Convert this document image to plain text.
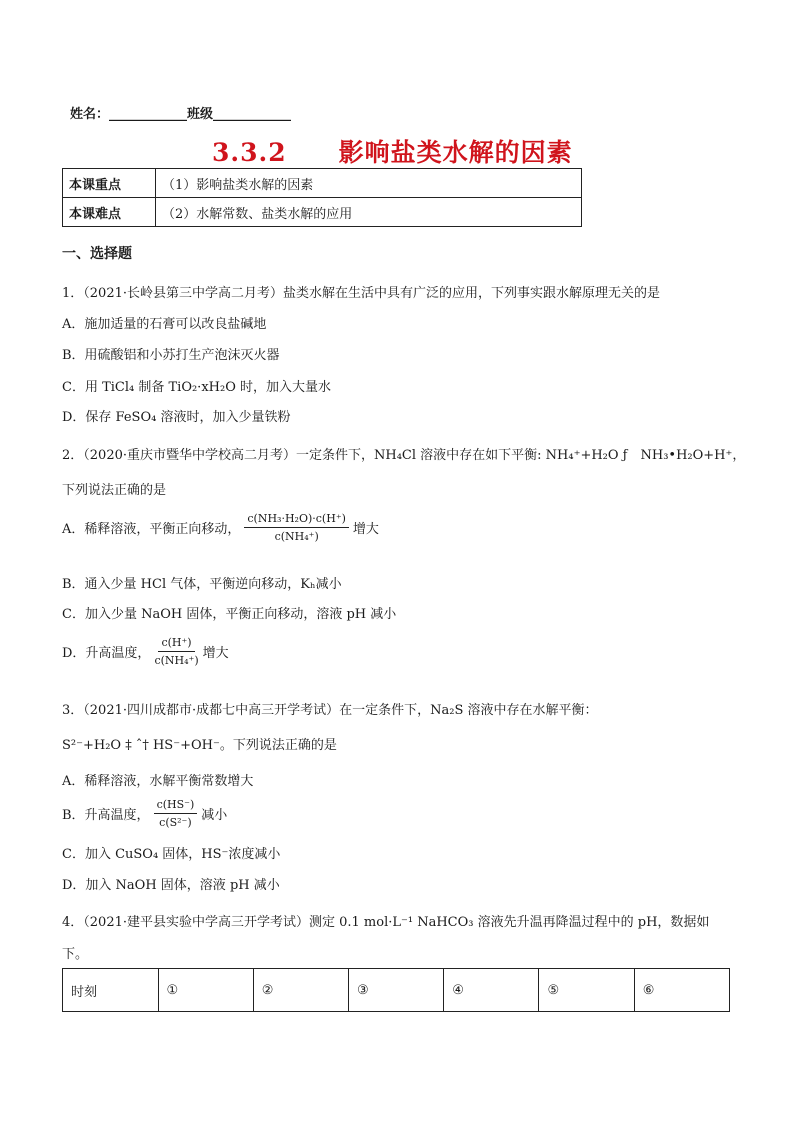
姓名：____________班级____________
3.3.2　　影响盐类水解的因素
本课重点	（1）影响盐类水解的因素
本课难点	（2）水解常数、盐类水解的应用
一、选择题
1．（2021·长岭县第三中学高二月考）盐类水解在生活中具有广泛的应用，下列事实跟水解原理无关的是
A．施加适量的石膏可以改良盐碱地
B．用硫酸铝和小苏打生产泡沫灭火器
C．用 TiCl₄ 制备 TiO₂·xH₂O 时，加入大量水
D．保存 FeSO₄ 溶液时，加入少量铁粉
2．（2020·重庆市暨华中学校高二月考）一定条件下，NH₄Cl 溶液中存在如下平衡: NH₄⁺+H₂O ƒ　NH₃•H₂O+H⁺，
下列说法正确的是
A．稀释溶液，平衡正向移动， $\frac{\text{c(NH₃·H₂O)·c(H⁺)}}{\text{c(NH₄⁺)}}$ 增大
B．通入少量 HCl 气体，平衡逆向移动，Kₕ减小
C．加入少量 NaOH 固体，平衡正向移动，溶液 pH 减小
D．升高温度， $\frac{c(H^+)}{\text{c(NH₄⁺)}}$ 增大
3．（2021·四川成都市·成都七中高三开学考试）在一定条件下，Na₂S 溶液中存在水解平衡：
S²⁻+H₂O ‡ ˆ† HS⁻+OH⁻。下列说法正确的是
A．稀释溶液，水解平衡常数增大
B．升高温度， $\frac{c(HS^-)}{\text{c(S²⁻)}}$ 减小
C．加入 CuSO₄ 固体，HS⁻浓度减小
D．加入 NaOH 固体，溶液 pH 减小
4．（2021·建平县实验中学高三开学考试）测定 0.1 mol·L⁻¹ NaHCO₃ 溶液先升温再降温过程中的 pH，数据如
下。
时刻	①	②	③	④	⑤	⑥
